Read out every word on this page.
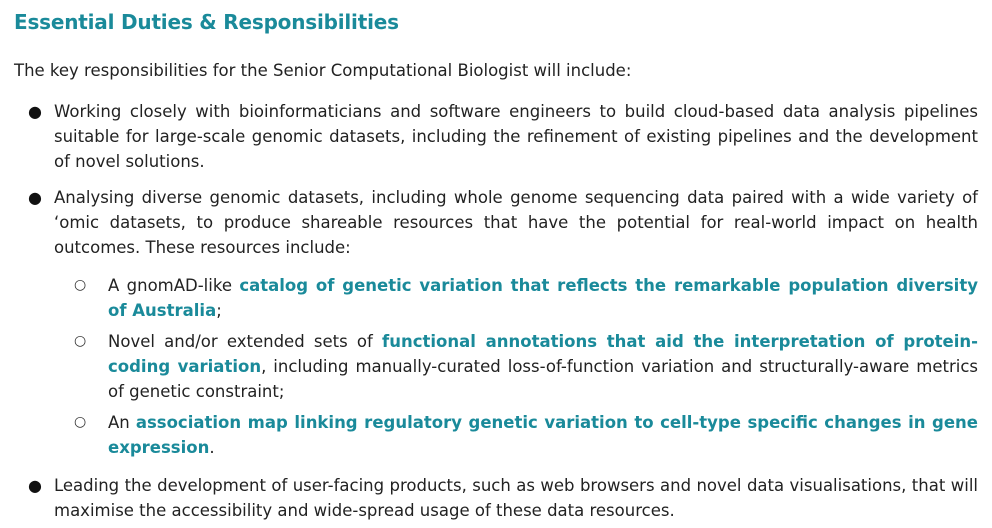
Essential Duties & Responsibilities

The key responsibilities for the Senior Computational Biologist will include:

● Working closely with bioinformaticians and software engineers to build cloud-based data analysis pipelines suitable for large-scale genomic datasets, including the refinement of existing pipelines and the development of novel solutions.
● Analysing diverse genomic datasets, including whole genome sequencing data paired with a wide variety of ‘omic datasets, to produce shareable resources that have the potential for real-world impact on health outcomes. These resources include:
○ A gnomAD-like catalog of genetic variation that reflects the remarkable population diversity of Australia;
○ Novel and/or extended sets of functional annotations that aid the interpretation of protein-coding variation, including manually-curated loss-of-function variation and structurally-aware metrics of genetic constraint;
○ An association map linking regulatory genetic variation to cell-type specific changes in gene expression.
● Leading the development of user-facing products, such as web browsers and novel data visualisations, that will maximise the accessibility and wide-spread usage of these data resources.
